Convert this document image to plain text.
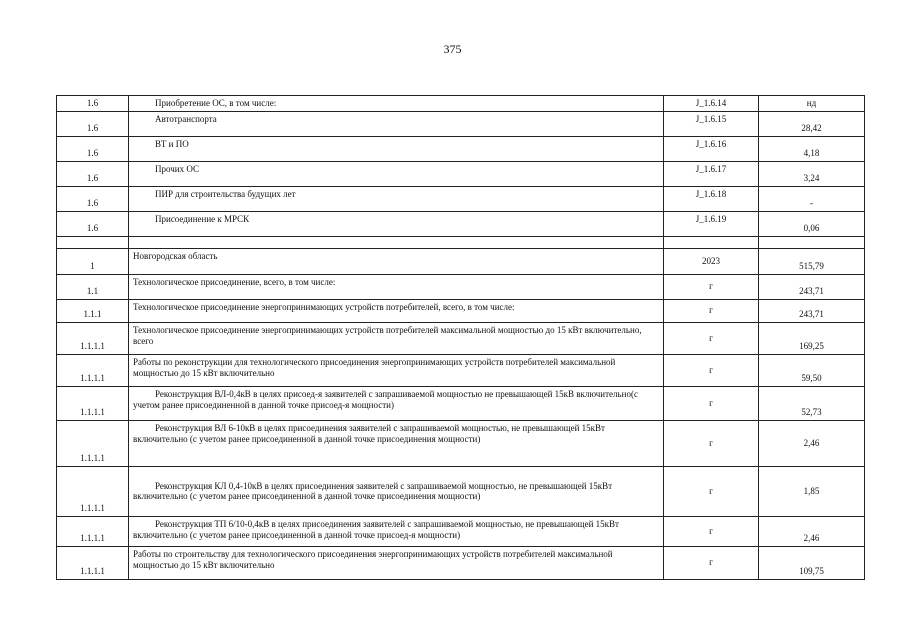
375
1.6	Приобретение ОС, в том числе:	J_1.6.14	нд
1.6	Автотранспорта	J_1.6.15	28,42
1.6	ВТ и ПО	J_1.6.16	4,18
1.6	Прочих ОС	J_1.6.17	3,24
1.6	ПИР для строительства будущих лет	J_1.6.18	-
1.6	Присоединение к МРСК	J_1.6.19	0,06

1	Новгородская область	2023	515,79
1.1	Технологическое присоединение, всего, в том числе:	г	243,71
1.1.1	Технологическое присоединение энергопринимающих устройств потребителей, всего, в том числе:	г	243,71
1.1.1.1	Технологическое присоединение энергопринимающих устройств потребителей максимальной мощностью до 15 кВт включительно, всего	г	169,25
1.1.1.1	Работы по реконструкции для технологического присоединения энергопринимающих устройств потребителей максимальной мощностью до 15 кВт включительно	г	59,50
1.1.1.1	Реконструкция ВЛ-0,4кВ в целях присоед-я заявителей с запрашиваемой мощностью не превышающей 15кВ включительно(с учетом ранее присоединенной в данной точке присоед-я мощности)	г	52,73
1.1.1.1	Реконструкция ВЛ 6-10кВ в целях присоединения заявителей с запрашиваемой мощностью, не превышающей 15кВт включительно (с учетом ранее присоединенной в данной точке присоединения мощности)	г	2,46
1.1.1.1	Реконструкция КЛ 0,4-10кВ в целях присоединения заявителей с запрашиваемой мощностью, не превышающей 15кВт включительно (с учетом ранее присоединенной в данной точке присоединения мощности)	г	1,85
1.1.1.1	Реконструкция ТП 6/10-0,4кВ в целях присоединения заявителей с запрашиваемой мощностью, не превышающей 15кВт включительно (с учетом ранее присоединенной в данной точке присоед-я мощности)	г	2,46
1.1.1.1	Работы по строительству для технологического присоединения энергопринимающих устройств потребителей максимальной мощностью до 15 кВт включительно	г	109,75
